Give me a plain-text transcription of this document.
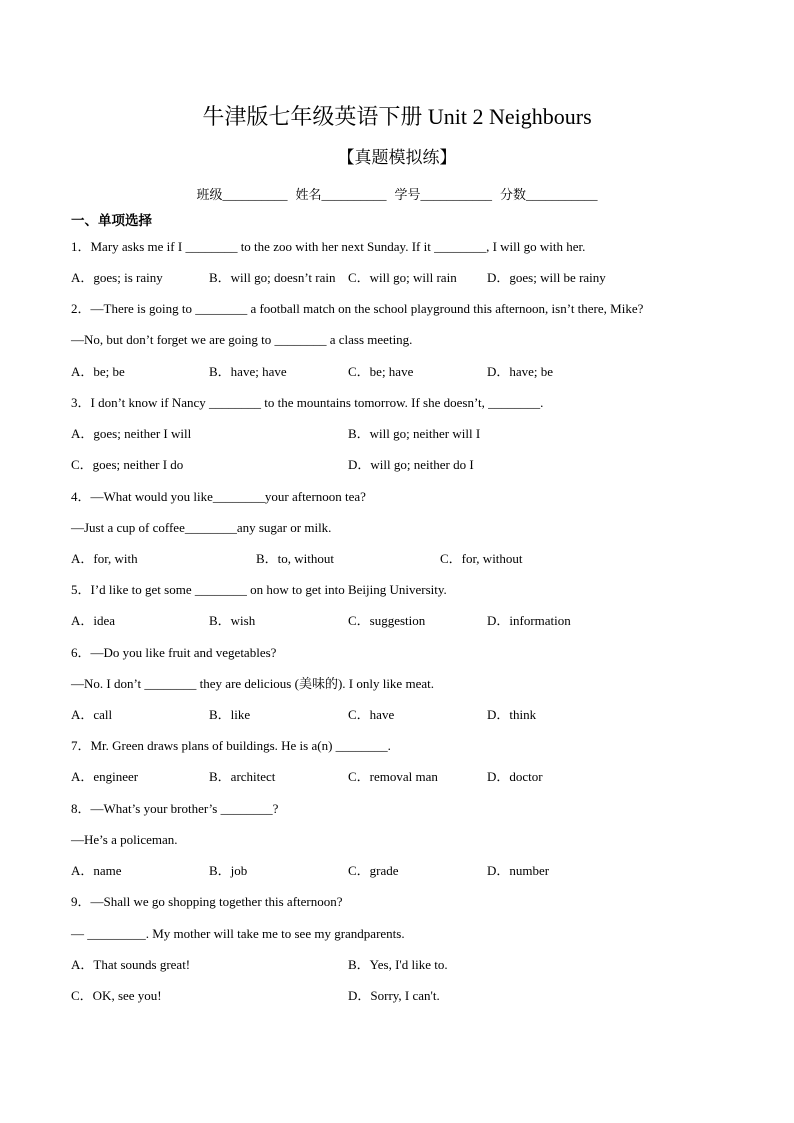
牛津版七年级英语下册 Unit 2 Neighbours
【真题模拟练】
班级 __________ 姓名 __________ 学号 ___________ 分数 ___________
一、单项选择
1．Mary asks me if I ________ to the zoo with her next Sunday. If it ________, I will go with her.
A．goes; is rainy	B．will go; doesn’t rain C．will go; will rain D．goes; will be rainy
2．—There is going to ________ a football match on the school playground this afternoon, isn’t there, Mike?
—No, but don’t forget we are going to ________ a class meeting.
A．be; be	B．have; have	C．be; have	D．have; be
3．I don’t know if Nancy ________ to the mountains tomorrow. If she doesn’t, ________.
A．goes; neither I will	B．will go; neither will I
C．goes; neither I do	D．will go; neither do I
4．—What would you like________your afternoon tea?
—Just a cup of coffee________any sugar or milk.
A．for, with	B．to, without	C．for, without
5．I’d like to get some ________ on how to get into Beijing University.
A．idea	B．wish	C．suggestion	D．information
6．—Do you like fruit and vegetables?
—No. I don’t ________ they are delicious (美味的). I only like meat.
A．call	B．like	C．have	D．think
7．Mr. Green draws plans of buildings. He is a(n) ________.
A．engineer	B．architect	C．removal man	D．doctor
8．—What’s your brother’s ________?
—He’s a policeman.
A．name	B．job	C．grade	D．number
9．—Shall we go shopping together this afternoon?
— _________. My mother will take me to see my grandparents.
A．That sounds great!	B．Yes, I'd like to.
C．OK, see you!	D．Sorry, I can't.
